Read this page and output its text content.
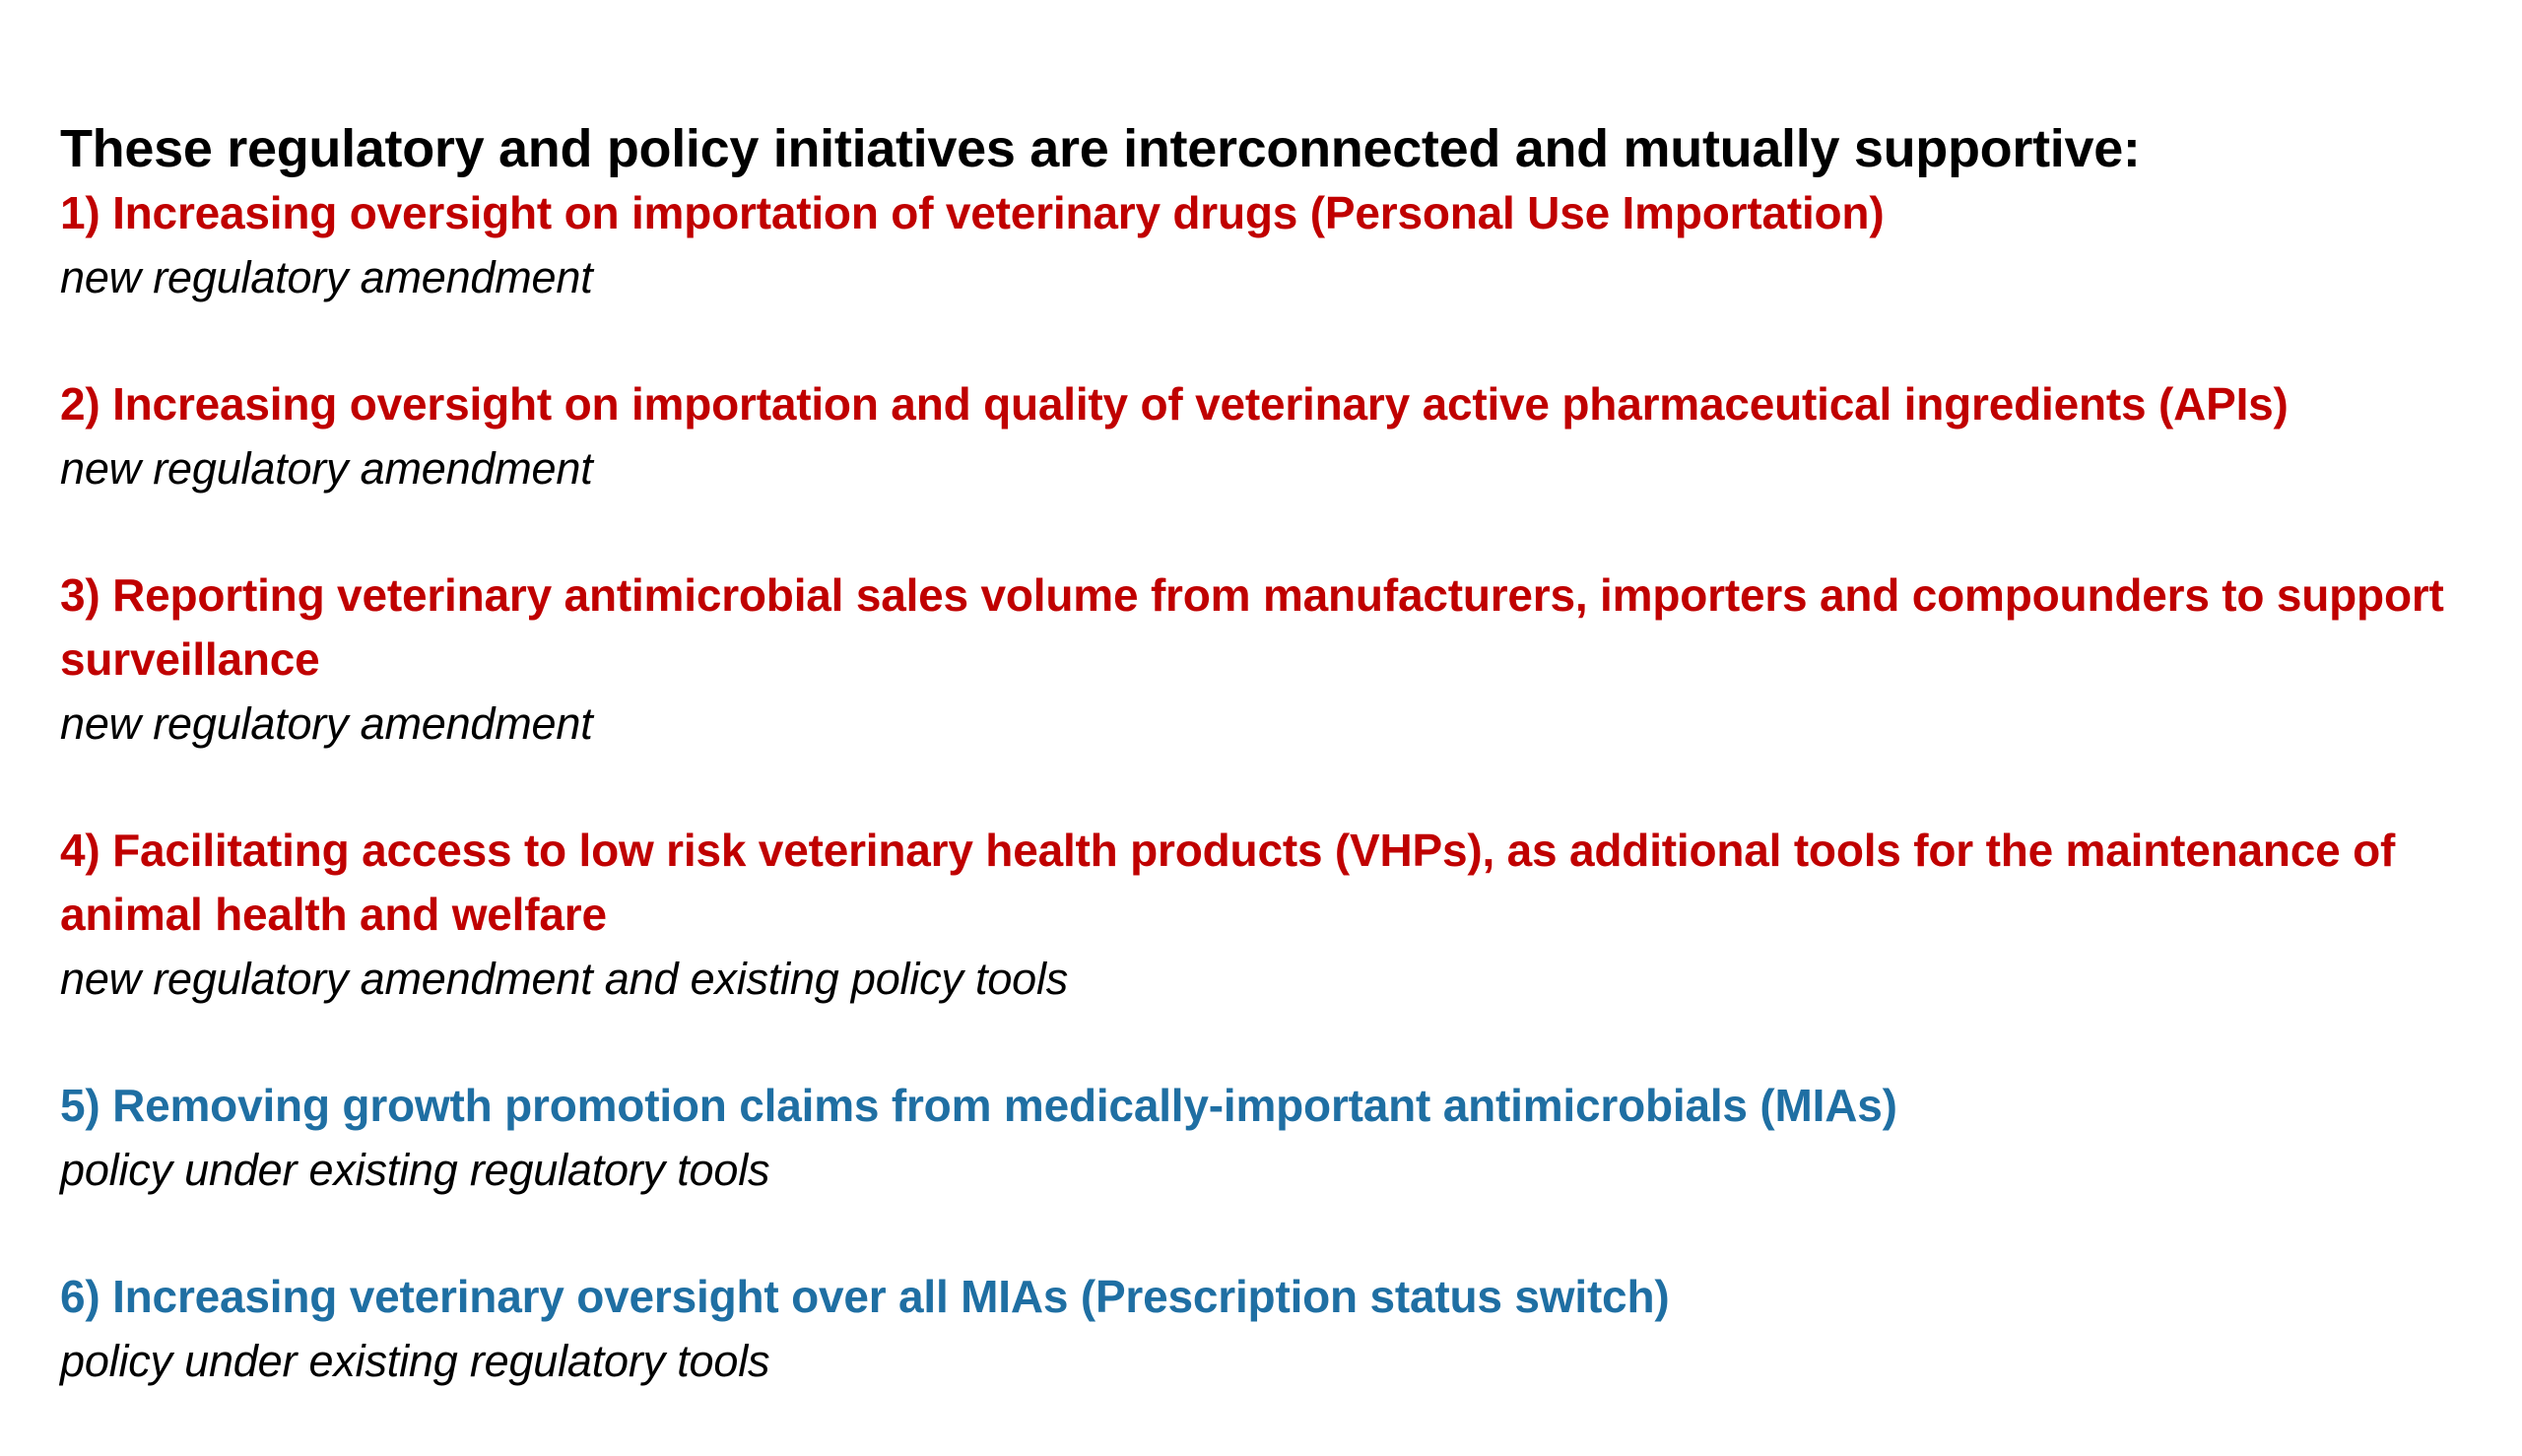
These regulatory and policy initiatives are interconnected and mutually supportive:

1) Increasing oversight on importation of veterinary drugs (Personal Use Importation)

new regulatory amendment

2) Increasing oversight on importation and quality of veterinary active pharmaceutical ingredients (APIs)

new regulatory amendment

3) Reporting veterinary antimicrobial sales volume from manufacturers, importers and compounders to support surveillance

new regulatory amendment

4) Facilitating access to low risk veterinary health products (VHPs), as additional tools for the maintenance of animal health and welfare

new regulatory amendment and existing policy tools

5) Removing growth promotion claims from medically-important antimicrobials (MIAs)

policy under existing regulatory tools

6) Increasing veterinary oversight over all MIAs (Prescription status switch)

policy under existing regulatory tools
